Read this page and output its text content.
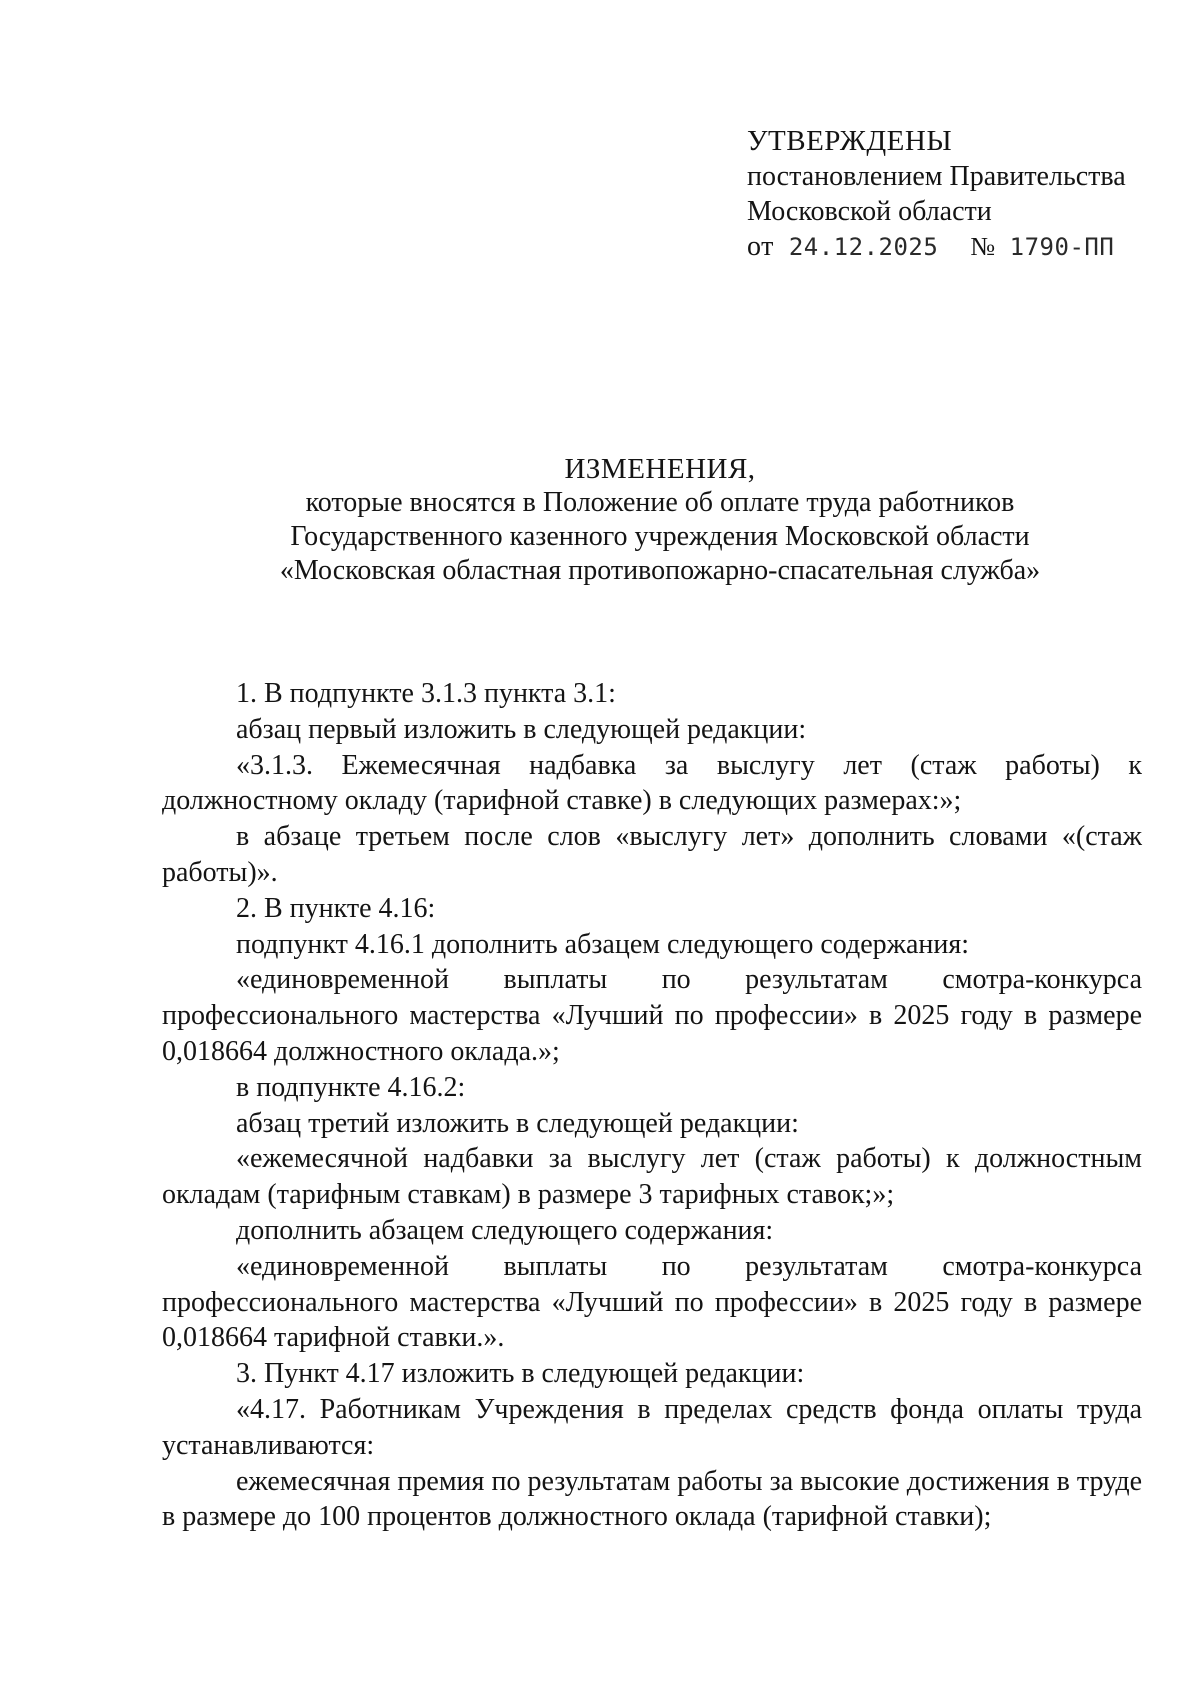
УТВЕРЖДЕНЫ
постановлением Правительства
Московской области
от 24.12.2025 № 1790-ПП
ИЗМЕНЕНИЯ,
которые вносятся в Положение об оплате труда работников
Государственного казенного учреждения Московской области
«Московская областная противопожарно-спасательная служба»

1. В подпункте 3.1.3 пункта 3.1:

абзац первый изложить в следующей редакции:

«3.1.3. Ежемесячная надбавка за выслугу лет (стаж работы) к должностному окладу (тарифной ставке) в следующих размерах:»;

в абзаце третьем после слов «выслугу лет» дополнить словами «(стаж работы)».

2. В пункте 4.16:

подпункт 4.16.1 дополнить абзацем следующего содержания:

«единовременной выплаты по результатам смотра-конкурса профессионального мастерства «Лучший по профессии» в 2025 году в размере 0,018664 должностного оклада.»;

в подпункте 4.16.2:

абзац третий изложить в следующей редакции:

«ежемесячной надбавки за выслугу лет (стаж работы) к должностным окладам (тарифным ставкам) в размере 3 тарифных ставок;»;

дополнить абзацем следующего содержания:

«единовременной выплаты по результатам смотра-конкурса профессионального мастерства «Лучший по профессии» в 2025 году в размере 0,018664 тарифной ставки.».

3. Пункт 4.17 изложить в следующей редакции:

«4.17. Работникам Учреждения в пределах средств фонда оплаты труда устанавливаются:

ежемесячная премия по результатам работы за высокие достижения в труде в размере до 100 процентов должностного оклада (тарифной ставки);
